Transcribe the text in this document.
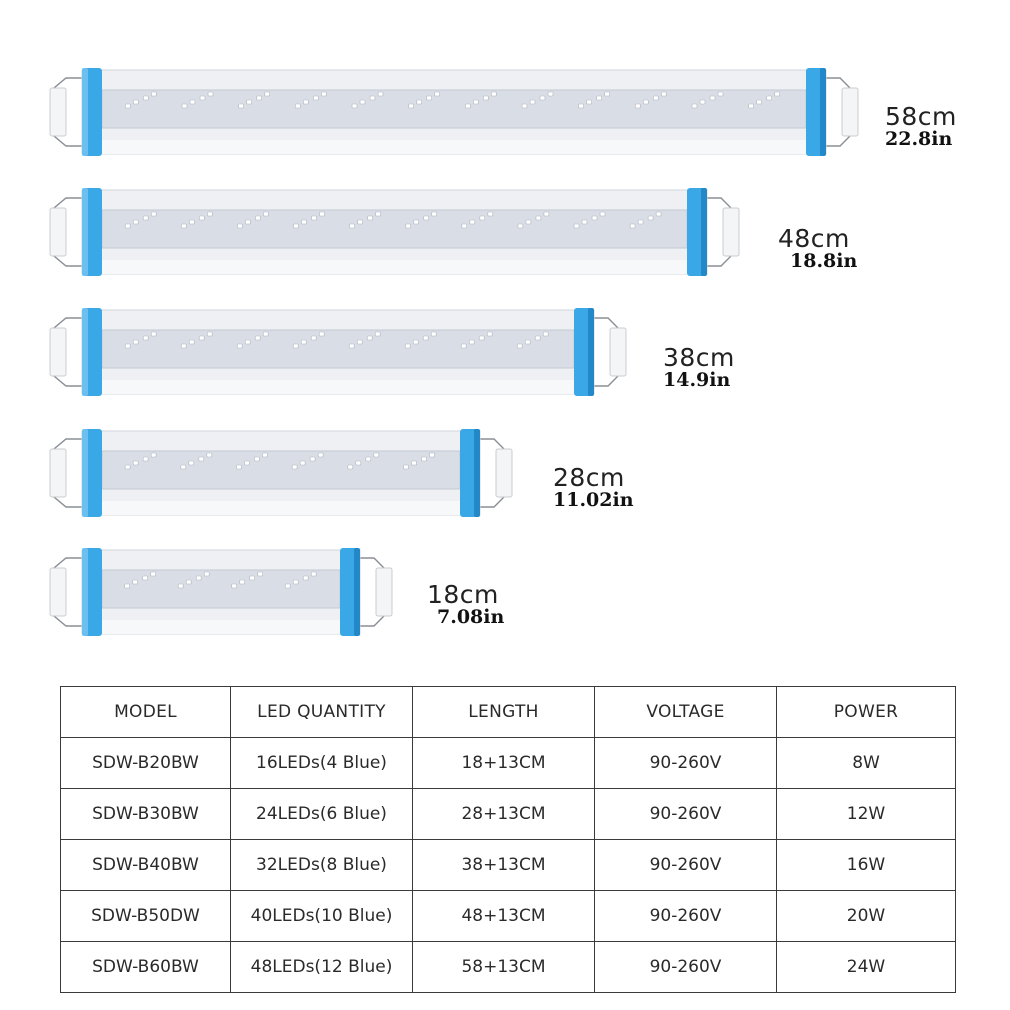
58cm
22.8in
48cm
18.8in
38cm
14.9in
28cm
11.02in
18cm
7.08in
MODEL	LED QUANTITY	LENGTH	VOLTAGE	POWER
SDW-B20BW	16LEDs(4 Blue)	18+13CM	90-260V	8W
SDW-B30BW	24LEDs(6 Blue)	28+13CM	90-260V	12W
SDW-B40BW	32LEDs(8 Blue)	38+13CM	90-260V	16W
SDW-B50DW	40LEDs(10 Blue)	48+13CM	90-260V	20W
SDW-B60BW	48LEDs(12 Blue)	58+13CM	90-260V	24W
